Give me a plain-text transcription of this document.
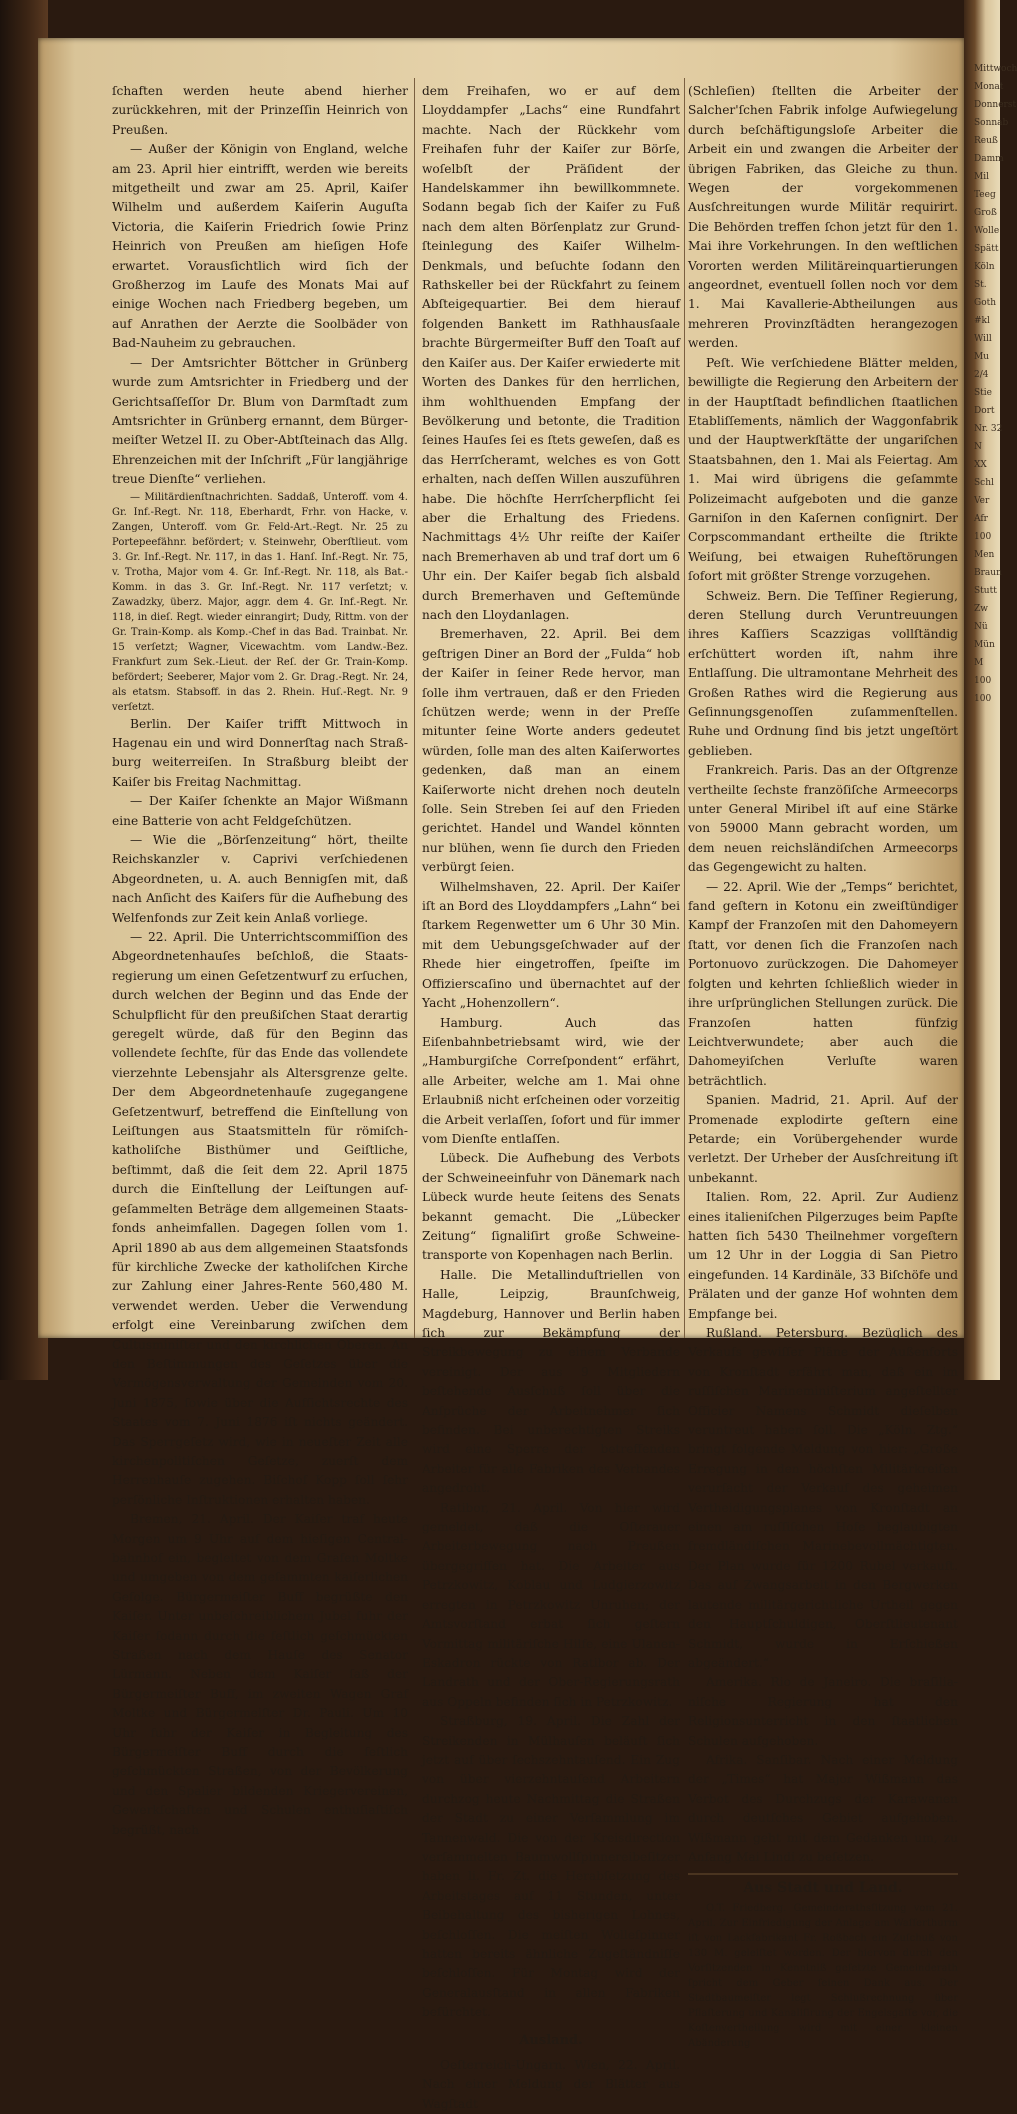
Mittwoch
Monat
Donnerst
Sonnab
Reuß
Damm
Mil
Teeg
Groß
Wolle
Spätt
Köln
St.
Goth
#kl
Will
Mu
2/4
Stie
Dort
Nr. 32
N
XX
Schl
Ver
Afr
100
Men
Braun
Stutt
Zw
Nü
Mün
M
100
100

ſchaften werden heute abend hierher zurückkehren, mit der Prinzeſſin Heinrich von Preußen.

— Außer der Königin von England, welche am 23. April hier eintrifft, werden wie bereits mitgetheilt und zwar am 25. April, Kaiſer Wilhelm und außerdem Kaiſerin Auguſta Victoria, die Kaiſerin Friedrich ſowie Prinz Heinrich von Preußen am hieſigen Hofe erwartet. Vorausſichtlich wird ſich der Großherzog im Laufe des Monats Mai auf einige Wochen nach Friedberg begeben, um auf Anrathen der Aerzte die Soolbäder von Bad-Nauheim zu gebrauchen.

— Der Amtsrichter Böttcher in Grünberg wurde zum Amtsrichter in Friedberg und der Gerichtsaſſeſſor Dr. Blum von Darmſtadt zum Amtsrichter in Grünberg ernannt, dem Bürgermeiſter Wetzel II. zu Ober-Abtſteinach das Allg. Ehrenzeichen mit der Inſchrift „Für langjährige treue Dienſte“ verliehen.

— Militärdienſtnachrichten. Saddaß, Unteroff. vom 4. Gr. Inf.-Regt. Nr. 118, Eberhardt, Frhr. von Hacke, v. Zangen, Unteroff. vom Gr. Feld-Art.-Regt. Nr. 25 zu Portepeefähnr. befördert; v. Steinwehr, Oberſtlieut. vom 3. Gr. Inf.-Regt. Nr. 117, in das 1. Hanſ. Inf.-Regt. Nr. 75, v. Trotha, Major vom 4. Gr. Inf.-Regt. Nr. 118, als Bat.-Komm. in das 3. Gr. Inf.-Regt. Nr. 117 verſetzt; v. Zawadzky, überz. Major, aggr. dem 4. Gr. Inf.-Regt. Nr. 118, in dieſ. Regt. wieder einrangirt; Dudy, Rittm. von der Gr. Train-Komp. als Komp.-Chef in das Bad. Trainbat. Nr. 15 verſetzt; Wagner, Vicewachtm. vom Landw.-Bez. Frankfurt zum Sek.-Lieut. der Reſ. der Gr. Train-Komp. befördert; Seeberer, Major vom 2. Gr. Drag.-Regt. Nr. 24, als etatsm. Stabsoff. in das 2. Rhein. Huſ.-Regt. Nr. 9 verſetzt.

Berlin. Der Kaiſer trifft Mittwoch in Hagenau ein und wird Donnerſtag nach Straßburg weiterreiſen. In Straßburg bleibt der Kaiſer bis Freitag Nachmittag.

— Der Kaiſer ſchenkte an Major Wißmann eine Batterie von acht Feldgeſchützen.

— Wie die „Börſenzeitung“ hört, theilte Reichskanzler v. Caprivi verſchiedenen Abgeordneten, u. A. auch Bennigſen mit, daß nach Anſicht des Kaiſers für die Aufhebung des Welfenfonds zur Zeit kein Anlaß vorliege.

— 22. April. Die Unterrichtscommiſſion des Abgeordnetenhauſes beſchloß, die Staatsregierung um einen Geſetzentwurf zu erſuchen, durch welchen der Beginn und das Ende der Schulpflicht für den preußiſchen Staat derartig geregelt würde, daß für den Beginn das vollendete ſechſte, für das Ende das vollendete vierzehnte Lebensjahr als Altersgrenze gelte. Der dem Abgeordnetenhauſe zugegangene Geſetzentwurf, betreffend die Einſtellung von Leiſtungen aus Staatsmitteln für römiſch-katholiſche Bisthümer und Geiſtliche, beſtimmt, daß die ſeit dem 22. April 1875 durch die Einſtellung der Leiſtungen aufgeſammelten Beträge dem allgemeinen Staatsfonds anheimfallen. Dagegen ſollen vom 1. April 1890 ab aus dem allgemeinen Staatsfonds für kirchliche Zwecke der katholiſchen Kirche zur Zahlung einer Jahres-Rente 560,480 M. verwendet werden. Ueber die Verwendung erfolgt eine Vereinbarung zwiſchen dem Cultusminiſter und den kirchlichen Oberen. An den Beſtimmungen des Geſetzes über die Vermögensverwaltung der Gemeinden vom 20. Juni 1875, ſowie über die Aufſichtsrechte des Staates vom 7. Juni 1876 iſt nichts geändert. Das Sperrgeſetz wird, wie in neueſter Zeit alle kirchenpolitiſchen Geſetze, zuerſt dem Herrenhauſe zugehen. Biſchof Kopp ſoll ſehr perſönliche Inſtruktionen erhalten haben.

Bremen, 21. April. Der Kaiſer traf heute Morgen um 9 Uhr auf dem hieſigen Centralbahnhof ein, begleitet von dem Grafen Moltke und umgeben von dem geſammten kaiſerlichen Gefolge. Bürgermeiſter Buff begrüßte den Kaiſer. Unter unbeſchreiblichem Jubel fuhr der Kaiſer ſodann durch die feſtlich geſchmückten Straßen nach dem Hauſe des Senator Lürmann. Neben dem Kaiſer ſaß der Bürgermeiſter Buff, im zweiten Wagen Graf Moltke und Bürgermeiſter Dr. Pauli. Um 10 Uhr fuhr der Kaiſer in Begleitung des Bürgermeiſter Buff durch die feſtlich geſchmückten Straßen, von der Bevölkerung und den Spalier bildenden Kriegervereinen, Gewerkſchaften und Schulen enthuſiaſtiſch begrüßt, nach

dem Freihafen, wo er auf dem Lloyddampfer „Lachs“ eine Rundfahrt machte. Nach der Rückkehr vom Freihafen fuhr der Kaiſer zur Börſe, woſelbſt der Präſident der Handelskammer ihn bewillkommnete. Sodann begab ſich der Kaiſer zu Fuß nach dem alten Börſenplatz zur Grundſteinlegung des Kaiſer Wilhelm-Denkmals, und beſuchte ſodann den Rathskeller bei der Rückfahrt zu ſeinem Abſteigequartier. Bei dem hierauf folgenden Bankett im Rathhausſaale brachte Bürgermeiſter Buff den Toaſt auf den Kaiſer aus. Der Kaiſer erwiederte mit Worten des Dankes für den herrlichen, ihm wohlthuenden Empfang der Bevölkerung und betonte, die Tradition ſeines Hauſes ſei es ſtets geweſen, daß es das Herrſcheramt, welches es von Gott erhalten, nach deſſen Willen auszuführen habe. Die höchſte Herrſcherpflicht ſei aber die Erhaltung des Friedens. Nachmittags 4½ Uhr reiſte der Kaiſer nach Bremerhaven ab und traf dort um 6 Uhr ein. Der Kaiſer begab ſich alsbald durch Bremerhaven und Geſtemünde nach den Lloydanlagen.

Bremerhaven, 22. April. Bei dem geſtrigen Diner an Bord der „Fulda“ hob der Kaiſer in ſeiner Rede hervor, man ſolle ihm vertrauen, daß er den Frieden ſchützen werde; wenn in der Preſſe mitunter ſeine Worte anders gedeutet würden, ſolle man des alten Kaiſerwortes gedenken, daß man an einem Kaiſerworte nicht drehen noch deuteln ſolle. Sein Streben ſei auf den Frieden gerichtet. Handel und Wandel könnten nur blühen, wenn ſie durch den Frieden verbürgt ſeien.

Wilhelmshaven, 22. April. Der Kaiſer iſt an Bord des Lloyddampfers „Lahn“ bei ſtarkem Regenwetter um 6 Uhr 30 Min. mit dem Uebungsgeſchwader auf der Rhede hier eingetroffen, ſpeiſte im Offizierscaſino und übernachtet auf der Yacht „Hohenzollern“.

Hamburg. Auch das Eiſenbahnbetriebsamt wird, wie der „Hamburgiſche Correſpondent“ erfährt, alle Arbeiter, welche am 1. Mai ohne Erlaubniß nicht erſcheinen oder vorzeitig die Arbeit verlaſſen, ſofort und für immer vom Dienſte entlaſſen.

Lübeck. Die Aufhebung des Verbots der Schweineeinfuhr von Dänemark nach Lübeck wurde heute ſeitens des Senats bekannt gemacht. Die „Lübecker Zeitung“ ſignaliſirt große Schweinetransporte von Kopenhagen nach Berlin.

Halle. Die Metallinduſtriellen von Halle, Leipzig, Braunſchweig, Magdeburg, Hannover und Berlin haben ſich zur Bekämpfung der Streikbewegung zu einem Verbande vereinigt. Der aus 9 Mitgliedern beſtehende Ausſchuß ſoll über die Anſprüche der Arbeitnehmer ſich befinden. Bei unberechtigten Streiks wird eine Sperre der betreffenden Arbeiter für alle Fabriken des Verbandes angedroht.

Ratibor, 21. April. Von hier wird gemeldet, daß die Oſterauer Arbeiterbewegung nach Preußen übergegriffen hat. Die Arbeiter aus Petrzkowitz, Koblau und Ludgierzowitz erregten in Petrzkowitz Unruhen; der Amtsvorſtand erbat ſich geſtern Vormittag militäriſche Hilfe, eine Ulanen-Eskadron rückte von Ratibor ab. Der Landrath und der Ober-Regierungsrath aus Oppeln befinden ſich in Petrzkowitz.

Straßburg, 19. April. Die Zahl der Streikenden in Mülhauſen beläuft ſich jetzt auf über ſechszehntauſend. Ein Zug von über vierzehntauſend Arbeitern durchzog heute Nachmittag die Straßen der Stadt zu einer Verſammlung im Tannenwald. Die von der Kreisdirection verſammelten Baumwollſpinnereibeſitzer haben li. Fr. Zt. die Herabſetzung des Arbeitstages auf 11 Stunden, unter Beibehaltung des bisherigen Lohnes, beſchloſſen. Die meiſten Wolleſpinner hatten bereits ähnliche Zugeſtändniſſe beſchloſſen. Für Montag wird der Generalausſtand in allen Fabriken befürchtet.

Ausland.

Oeſterreich-Ungarn. Wien, 22. April. Nach einer Meldung der Blätter aus Wagſtadt

(Schleſien) ſtellten die Arbeiter der Salcher'ſchen Fabrik infolge Aufwiegelung durch beſchäftigungsloſe Arbeiter die Arbeit ein und zwangen die Arbeiter der übrigen Fabriken, das Gleiche zu thun. Wegen der vorgekommenen Ausſchreitungen wurde Militär requirirt. Die Behörden treffen ſchon jetzt für den 1. Mai ihre Vorkehrungen. In den weſtlichen Vororten werden Militäreinquartierungen angeordnet, eventuell ſollen noch vor dem 1. Mai Kavallerie-Abtheilungen aus mehreren Provinzſtädten herangezogen werden.

Peſt. Wie verſchiedene Blätter melden, bewilligte die Regierung den Arbeitern der in der Hauptſtadt befindlichen ſtaatlichen Etabliſſements, nämlich der Waggonfabrik und der Hauptwerkſtätte der ungariſchen Staatsbahnen, den 1. Mai als Feiertag. Am 1. Mai wird übrigens die geſammte Polizeimacht aufgeboten und die ganze Garniſon in den Kaſernen conſignirt. Der Corpscommandant ertheilte die ſtrikte Weiſung, bei etwaigen Ruheſtörungen ſofort mit größter Strenge vorzugehen.

Schweiz. Bern. Die Teſſiner Regierung, deren Stellung durch Veruntreuungen ihres Kaſſiers Scazzigas vollſtändig erſchüttert worden iſt, nahm ihre Entlaſſung. Die ultramontane Mehrheit des Großen Rathes wird die Regierung aus Geſinnungsgenoſſen zuſammenſtellen. Ruhe und Ordnung ſind bis jetzt ungeſtört geblieben.

Frankreich. Paris. Das an der Oſtgrenze vertheilte ſechste franzöſiſche Armeecorps unter General Miribel iſt auf eine Stärke von 59000 Mann gebracht worden, um dem neuen reichsländiſchen Armeecorps das Gegengewicht zu halten.

— 22. April. Wie der „Temps“ berichtet, fand geſtern in Kotonu ein zweiſtündiger Kampf der Franzoſen mit den Dahomeyern ſtatt, vor denen ſich die Franzoſen nach Portonuovo zurückzogen. Die Dahomeyer folgten und kehrten ſchließlich wieder in ihre urſprünglichen Stellungen zurück. Die Franzoſen hatten fünfzig Leichtverwundete; aber auch die Dahomeyiſchen Verluſte waren beträchtlich.

Spanien. Madrid, 21. April. Auf der Promenade explodirte geſtern eine Petarde; ein Vorübergehender wurde verletzt. Der Urheber der Ausſchreitung iſt unbekannt.

Italien. Rom, 22. April. Zur Audienz eines italieniſchen Pilgerzuges beim Papſte hatten ſich 5430 Theilnehmer vorgeſtern um 12 Uhr in der Loggia di San Pietro eingefunden. 14 Kardinäle, 33 Biſchöfe und Prälaten und der ganze Hof wohnten dem Empfange bei.

Rußland. Petersburg. Bezüglich des Verkaufs gewiſſer Pläne der Außenforts von Kronſtadt erfährt man, daß ein im ruſſiſchen Marineminiſterium angeſtellter Officier Namens Schmidt dieſelben veruntreut haben ſoll. Die „Köln. Ztg.“ bringt folgende Meldung von hier: „Große Erregung in den höchſten Militärkreiſen verurſacht der Verkauf des geheimen Vertheidigungsplanes von Kronſtadt an einen am ruſſiſchen Hofe beglaubigten fremdländiſchen Marinebevollmächtigten. Der Plan wurde für 1200 Rubel verkauft. Das auf Zwangsarbeit in den Bergwerken lautende militärgerichtliche Urtheil gegen den Hauptſchuldigen, Oberſtlieutenant Schmidt, wurde in Erſchießen abgeändert.“

Amerika. Rio de Janeiro. Die braſilianiſche Regierung hat den Religionsunterricht in den ſtaatlichen Schulen aufgehoben.

Afrika. Sanſibar. Nach einer Meldung der „Times“ hat Major Wißmann das Verbot des Durchzugs der Karawanen durch deutſches Gebiet aufgehoben. Wißmann geht mit dem Gedanken um, zu Anfang Mai Lindi zu beſetzen.

Aus Stadt und Land.

O.T. Friedberg. Gemeinderathsſitzung vom 21. April. Zur Einfriedigung der Anlage am Waſſerthurm iſt von Lackfabrikant Fr. Roßbach ein Zuſchuß von 130 M. geleiſtet worden. Der hiervon durch den Vorſitzenden in Kenntniß geſetzte Gemeinderath ſpricht dem Geber ſeinen Dank aus. Der Stadtbaumeiſter legt Schlußrechnung über Pflaſterung und Kanaliſirung der Engelsgaſſe vor, die Koſtenvertheilung wird mit einer kleinen Abänderung
